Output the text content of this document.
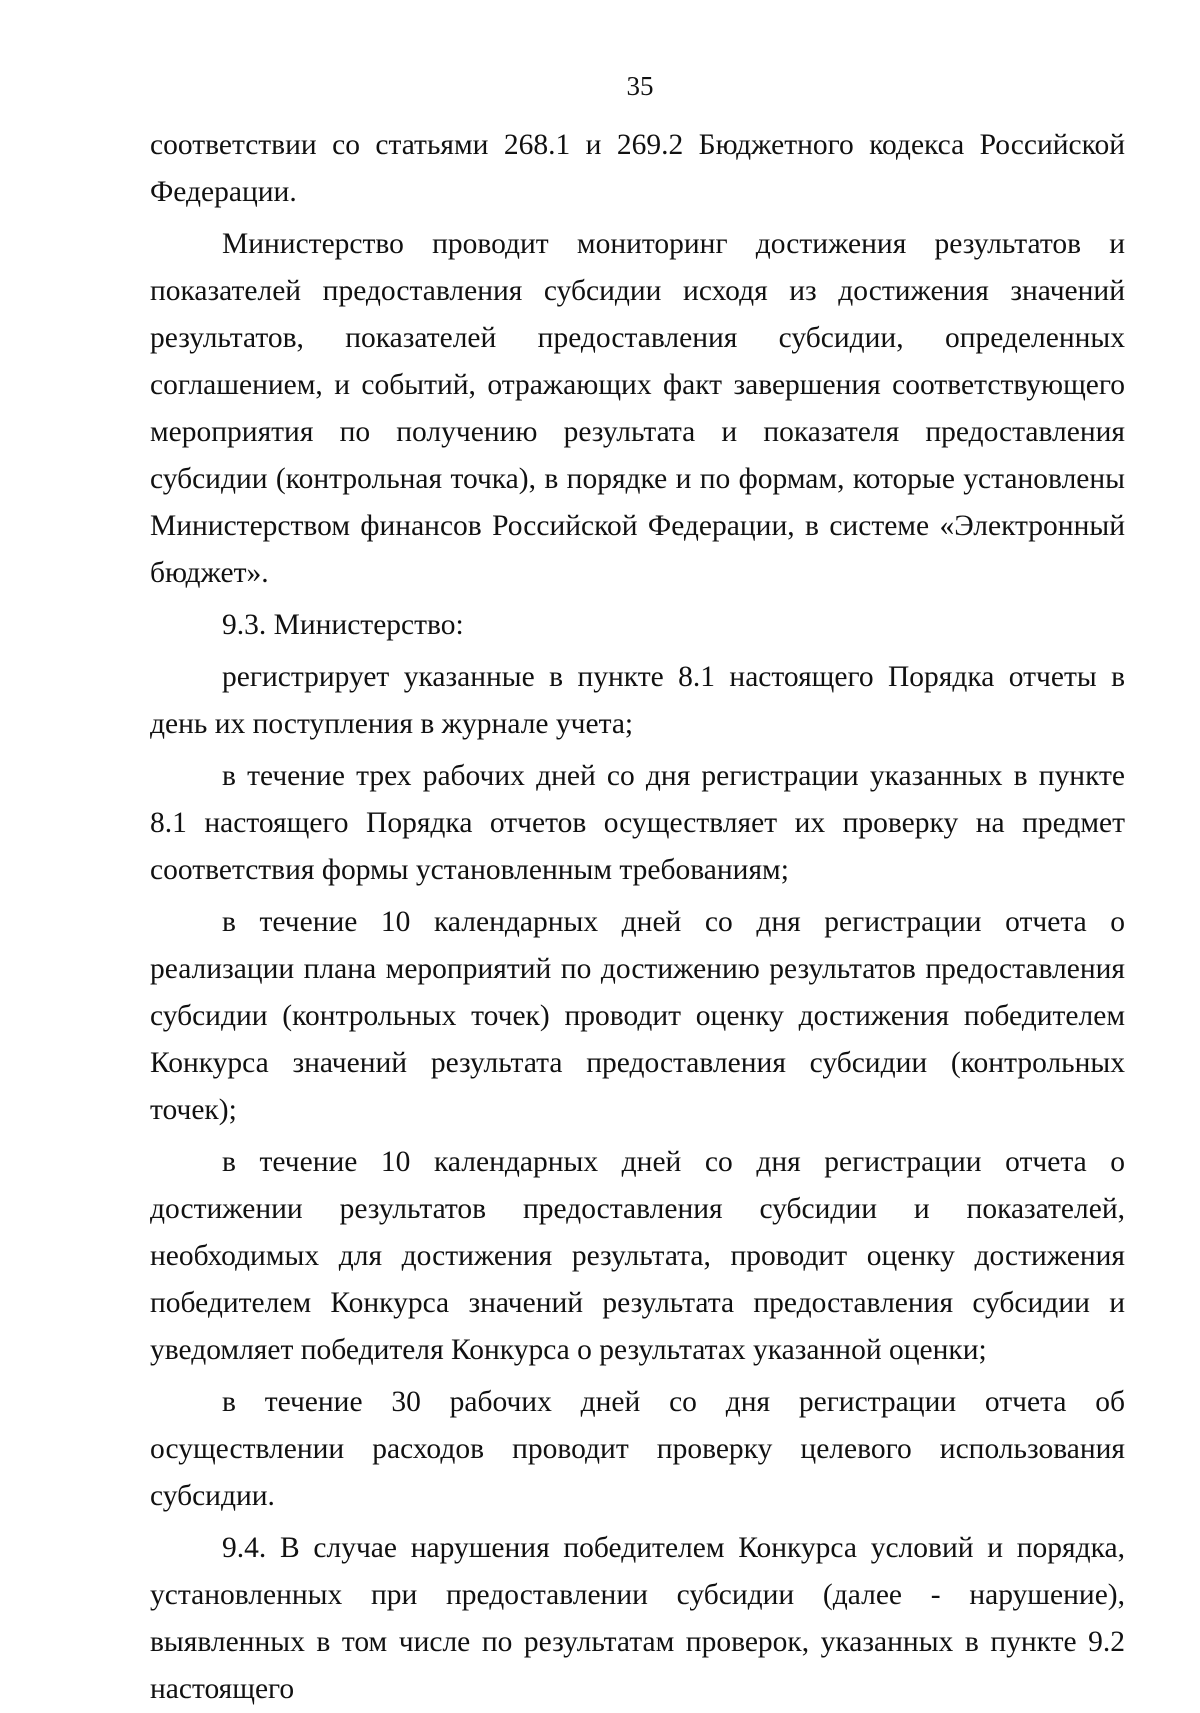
35

соответствии со статьями 268.1 и 269.2 Бюджетного кодекса Российской Федерации.

Министерство проводит мониторинг достижения результатов и показателей предоставления субсидии исходя из достижения значений результатов, показателей предоставления субсидии, определенных соглашением, и событий, отражающих факт завершения соответствующего мероприятия по получению результата и показателя предоставления субсидии (контрольная точка), в порядке и по формам, которые установлены Министерством финансов Российской Федерации, в системе «Электронный бюджет».

9.3. Министерство:

регистрирует указанные в пункте 8.1 настоящего Порядка отчеты в день их поступления в журнале учета;

в течение трех рабочих дней со дня регистрации указанных в пункте 8.1 настоящего Порядка отчетов осуществляет их проверку на предмет соответствия формы установленным требованиям;

в течение 10 календарных дней со дня регистрации отчета о реализации плана мероприятий по достижению результатов предоставления субсидии (контрольных точек) проводит оценку достижения победителем Конкурса значений результата предоставления субсидии (контрольных точек);

в течение 10 календарных дней со дня регистрации отчета о достижении результатов предоставления субсидии и показателей, необходимых для достижения результата, проводит оценку достижения победителем Конкурса значений результата предоставления субсидии и уведомляет победителя Конкурса о результатах указанной оценки;

в течение 30 рабочих дней со дня регистрации отчета об осуществлении расходов проводит проверку целевого использования субсидии.

9.4. В случае нарушения победителем Конкурса условий и порядка, установленных при предоставлении субсидии (далее - нарушение), выявленных в том числе по результатам проверок, указанных в пункте 9.2 настоящего
